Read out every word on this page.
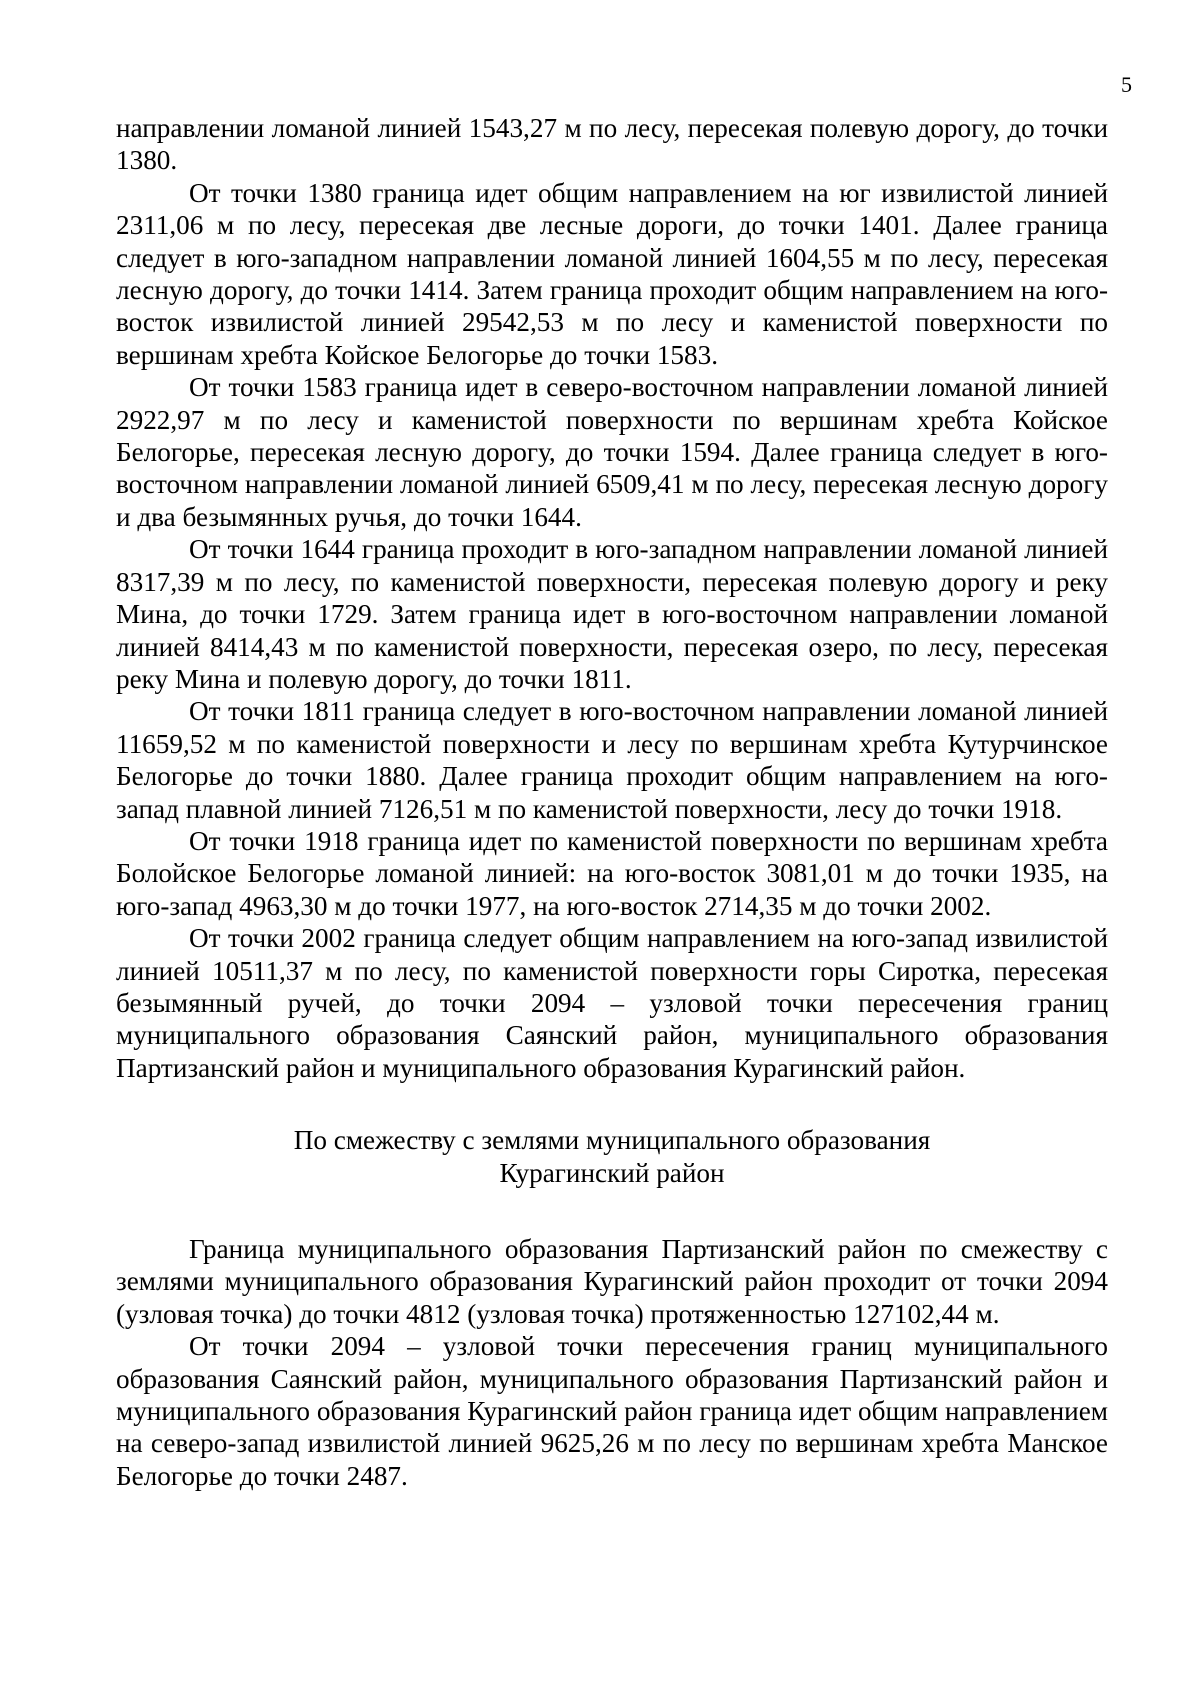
5

направлении ломаной линией 1543,27 м по лесу, пересекая полевую дорогу, до точки 1380.

От точки 1380 граница идет общим направлением на юг извилистой линией 2311,06 м по лесу, пересекая две лесные дороги, до точки 1401. Далее граница следует в юго-западном направлении ломаной линией 1604,55 м по лесу, пересекая лесную дорогу, до точки 1414. Затем граница проходит общим направлением на юго-восток извилистой линией 29542,53 м по лесу и каменистой поверхности по вершинам хребта Койское Белогорье до точки 1583.

От точки 1583 граница идет в северо-восточном направлении ломаной линией 2922,97 м по лесу и каменистой поверхности по вершинам хребта Койское Белогорье, пересекая лесную дорогу, до точки 1594. Далее граница следует в юго-восточном направлении ломаной линией 6509,41 м по лесу, пересекая лесную дорогу и два безымянных ручья, до точки 1644.

От точки 1644 граница проходит в юго-западном направлении ломаной линией 8317,39 м по лесу, по каменистой поверхности, пересекая полевую дорогу и реку Мина, до точки 1729. Затем граница идет в юго-восточном направлении ломаной линией 8414,43 м по каменистой поверхности, пересекая озеро, по лесу, пересекая реку Мина и полевую дорогу, до точки 1811.

От точки 1811 граница следует в юго-восточном направлении ломаной линией 11659,52 м по каменистой поверхности и лесу по вершинам хребта Кутурчинское Белогорье до точки 1880. Далее граница проходит общим направлением на юго-запад плавной линией 7126,51 м по каменистой поверхности, лесу до точки 1918.

От точки 1918 граница идет по каменистой поверхности по вершинам хребта Болойское Белогорье ломаной линией: на юго-восток 3081,01 м до точки 1935, на юго-запад 4963,30 м до точки 1977, на юго-восток 2714,35 м до точки 2002.

От точки 2002 граница следует общим направлением на юго-запад извилистой линией 10511,37 м по лесу, по каменистой поверхности горы Сиротка, пересекая безымянный ручей, до точки 2094 – узловой точки пересечения границ муниципального образования Саянский район, муниципального образования Партизанский район и муниципального образования Курагинский район.

По смежеству с землями муниципального образования
Курагинский район

Граница муниципального образования Партизанский район по смежеству с землями муниципального образования Курагинский район проходит от точки 2094 (узловая точка) до точки 4812 (узловая точка) протяженностью 127102,44 м.

От точки 2094 – узловой точки пересечения границ муниципального образования Саянский район, муниципального образования Партизанский район и муниципального образования Курагинский район граница идет общим направлением на северо-запад извилистой линией 9625,26 м по лесу по вершинам хребта Манское Белогорье до точки 2487.
